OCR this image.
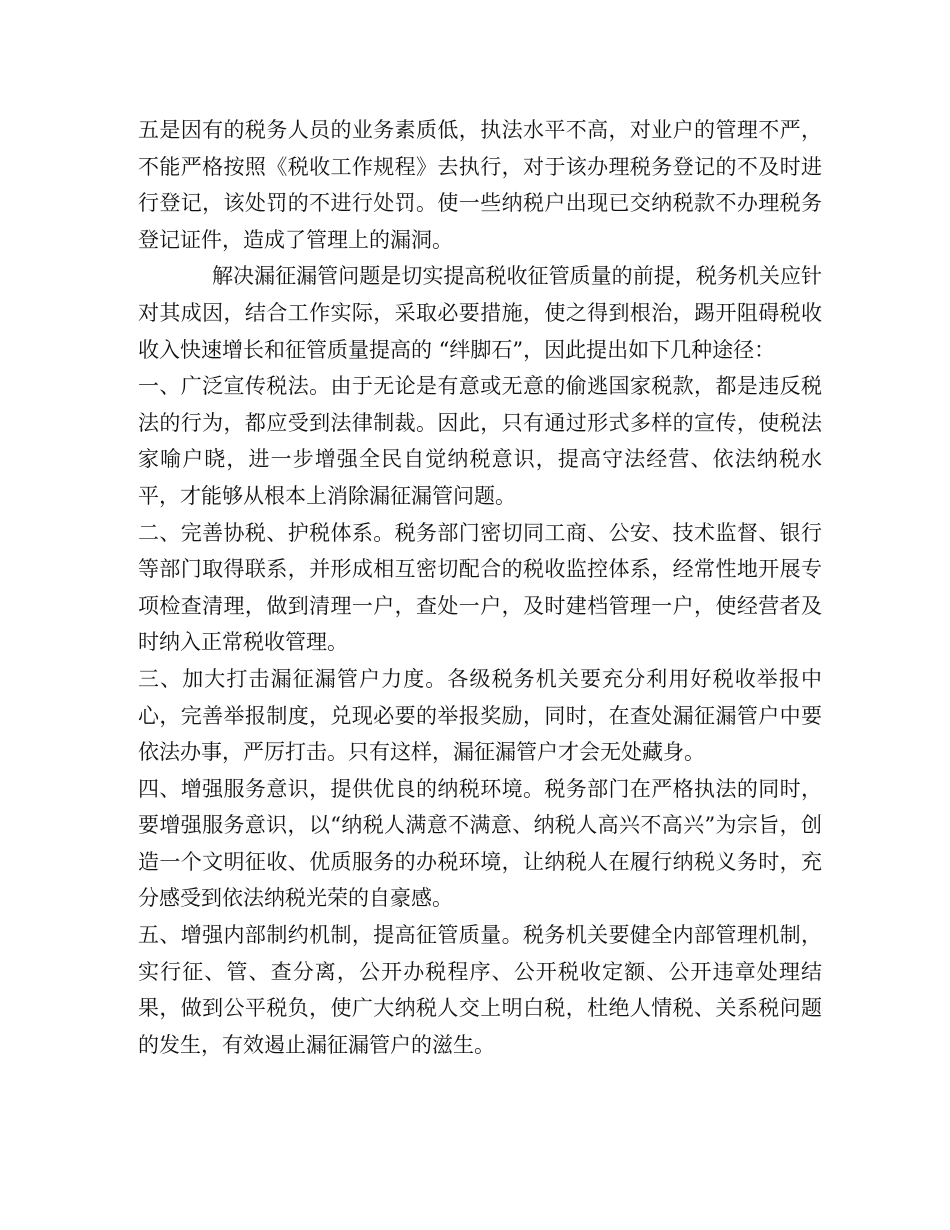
五是因有的税务人员的业务素质低，执法水平不高，对业户的管理不严，不能严格按照《税收工作规程》去执行，对于该办理税务登记的不及时进行登记，该处罚的不进行处罚。使一些纳税户出现已交纳税款不办理税务登记证件，造成了管理上的漏洞。

解决漏征漏管问题是切实提高税收征管质量的前提，税务机关应针对其成因，结合工作实际，采取必要措施，使之得到根治，踢开阻碍税收收入快速增长和征管质量提高的 “绊脚石”，因此提出如下几种途径：

一、广泛宣传税法。由于无论是有意或无意的偷逃国家税款，都是违反税法的行为，都应受到法律制裁。因此，只有通过形式多样的宣传，使税法家喻户晓，进一步增强全民自觉纳税意识，提高守法经营、依法纳税水平，才能够从根本上消除漏征漏管问题。

二、完善协税、护税体系。税务部门密切同工商、公安、技术监督、银行等部门取得联系，并形成相互密切配合的税收监控体系，经常性地开展专项检查清理，做到清理一户，查处一户，及时建档管理一户，使经营者及时纳入正常税收管理。

三、加大打击漏征漏管户力度。各级税务机关要充分利用好税收举报中心，完善举报制度，兑现必要的举报奖励，同时，在查处漏征漏管户中要依法办事，严厉打击。只有这样，漏征漏管户才会无处藏身。

四、增强服务意识，提供优良的纳税环境。税务部门在严格执法的同时，要增强服务意识，以“纳税人满意不满意、纳税人高兴不高兴”为宗旨，创造一个文明征收、优质服务的办税环境，让纳税人在履行纳税义务时，充分感受到依法纳税光荣的自豪感。

五、增强内部制约机制，提高征管质量。税务机关要健全内部管理机制，实行征、管、查分离，公开办税程序、公开税收定额、公开违章处理结果，做到公平税负，使广大纳税人交上明白税，杜绝人情税、关系税问题的发生，有效遏止漏征漏管户的滋生。
